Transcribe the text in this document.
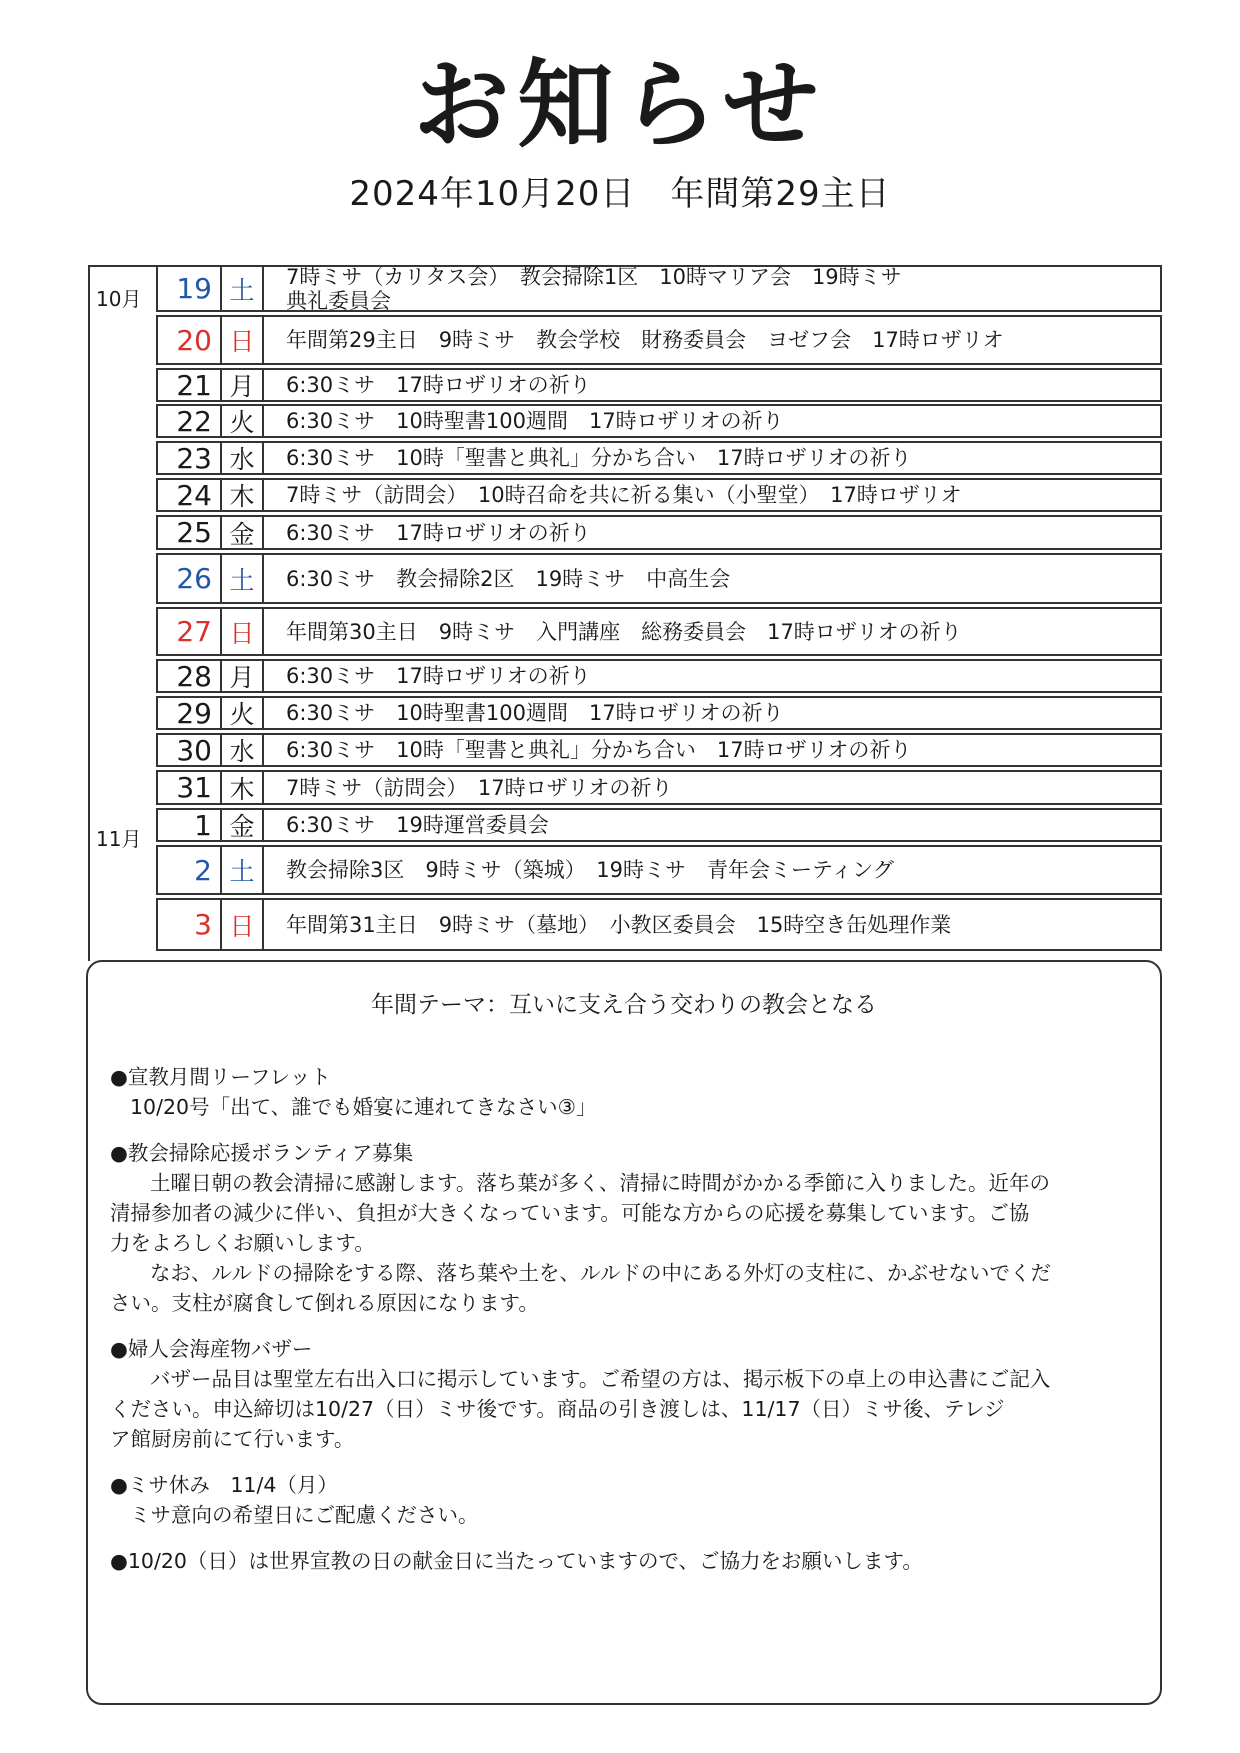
お知らせ
2024年10月20日　年間第29主日
10月
11月
19 土	7時ミサ（カリタス会）　教会掃除1区　10時マリア会　19時ミサ
典礼委員会
20 日	年間第29主日　9時ミサ　教会学校　財務委員会　ヨゼフ会　17時ロザリオ
21 月	6:30ミサ　17時ロザリオの祈り
22 火	6:30ミサ　10時聖書100週間　17時ロザリオの祈り
23 水	6:30ミサ　10時「聖書と典礼」分かち合い　17時ロザリオの祈り
24 木	7時ミサ（訪問会）　10時召命を共に祈る集い（小聖堂）　17時ロザリオ
25 金	6:30ミサ　17時ロザリオの祈り
26 土	6:30ミサ　教会掃除2区　19時ミサ　中高生会
27 日	年間第30主日　9時ミサ　入門講座　総務委員会　17時ロザリオの祈り
28 月	6:30ミサ　17時ロザリオの祈り
29 火	6:30ミサ　10時聖書100週間　17時ロザリオの祈り
30 水	6:30ミサ　10時「聖書と典礼」分かち合い　17時ロザリオの祈り
31 木	7時ミサ（訪問会）　17時ロザリオの祈り
1 金	6:30ミサ　19時運営委員会
2 土	教会掃除3区　9時ミサ（築城）　19時ミサ　青年会ミーティング
3 日	年間第31主日　9時ミサ（墓地）　小教区委員会　15時空き缶処理作業
年間テーマ：互いに支え合う交わりの教会となる
●宣教月間リーフレット
10/20号「出て、誰でも婚宴に連れてきなさい③」
●教会掃除応援ボランティア募集
土曜日朝の教会清掃に感謝します。落ち葉が多く、清掃に時間がかかる季節に入りました。近年の
清掃参加者の減少に伴い、負担が大きくなっています。可能な方からの応援を募集しています。ご協
力をよろしくお願いします。
なお、ルルドの掃除をする際、落ち葉や土を、ルルドの中にある外灯の支柱に、かぶせないでくだ
さい。支柱が腐食して倒れる原因になります。
●婦人会海産物バザー
バザー品目は聖堂左右出入口に掲示しています。ご希望の方は、掲示板下の卓上の申込書にご記入
ください。申込締切は10/27（日）ミサ後です。商品の引き渡しは、11/17（日）ミサ後、テレジ
ア館厨房前にて行います。
●ミサ休み　11/4（月）
ミサ意向の希望日にご配慮ください。
●10/20（日）は世界宣教の日の献金日に当たっていますので、ご協力をお願いします。
